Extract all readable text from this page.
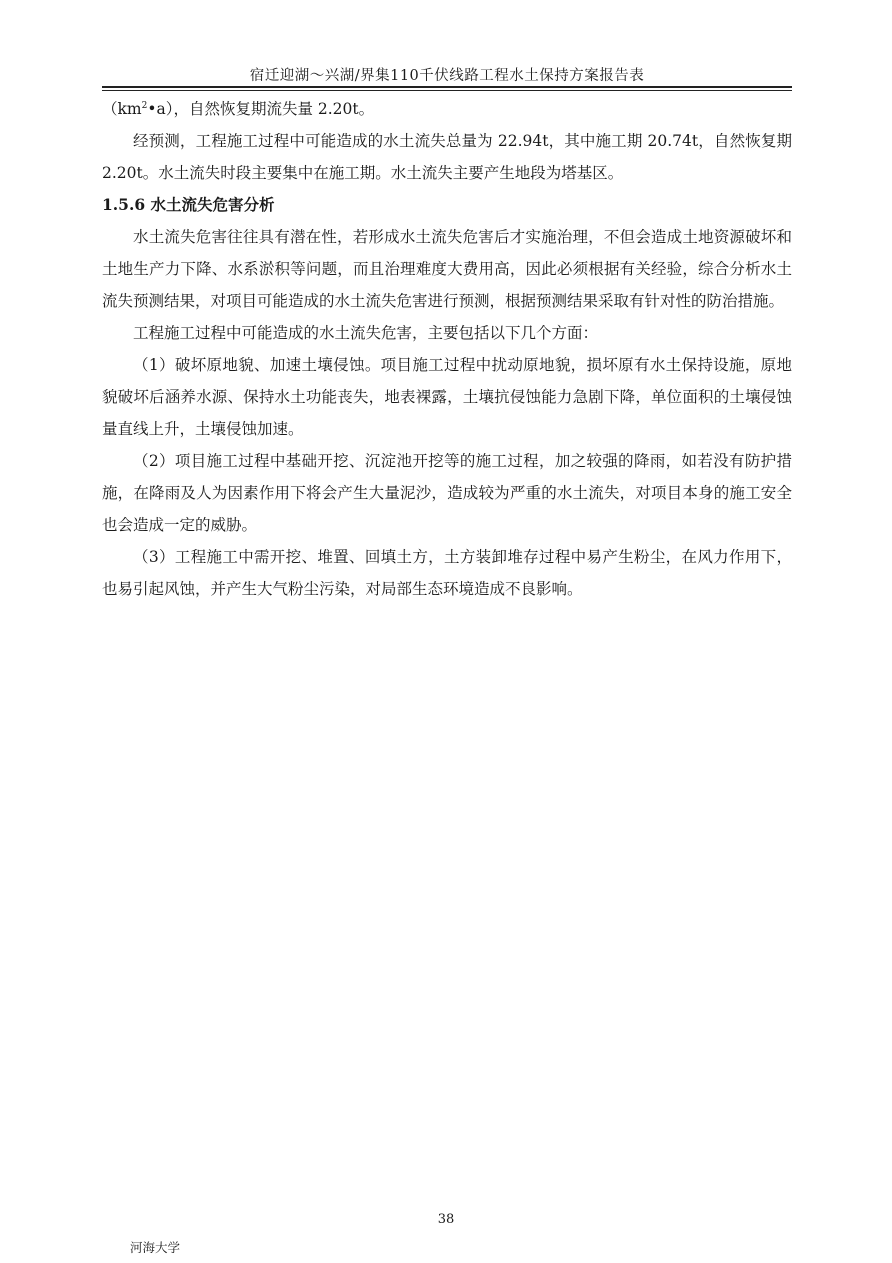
宿迁迎湖～兴湖/界集110千伏线路工程水土保持方案报告表

$(km^2•a)$，自然恢复期流失量 2.20t。

经预测，工程施工过程中可能造成的水土流失总量为 22.94t，其中施工期 20.74t，自然恢复期 2.20t。水土流失时段主要集中在施工期。水土流失主要产生地段为塔基区。

1.5.6 水土流失危害分析

水土流失危害往往具有潜在性，若形成水土流失危害后才实施治理，不但会造成土地资源破坏和土地生产力下降、水系淤积等问题，而且治理难度大费用高，因此必须根据有关经验，综合分析水土流失预测结果，对项目可能造成的水土流失危害进行预测，根据预测结果采取有针对性的防治措施。

工程施工过程中可能造成的水土流失危害，主要包括以下几个方面：

（1）破坏原地貌、加速土壤侵蚀。项目施工过程中扰动原地貌，损坏原有水土保持设施，原地貌破坏后涵养水源、保持水土功能丧失，地表裸露，土壤抗侵蚀能力急剧下降，单位面积的土壤侵蚀量直线上升，土壤侵蚀加速。

（2）项目施工过程中基础开挖、沉淀池开挖等的施工过程，加之较强的降雨，如若没有防护措施，在降雨及人为因素作用下将会产生大量泥沙，造成较为严重的水土流失，对项目本身的施工安全也会造成一定的威胁。

（3）工程施工中需开挖、堆置、回填土方，土方装卸堆存过程中易产生粉尘，在风力作用下，也易引起风蚀，并产生大气粉尘污染，对局部生态环境造成不良影响。

38
河海大学
